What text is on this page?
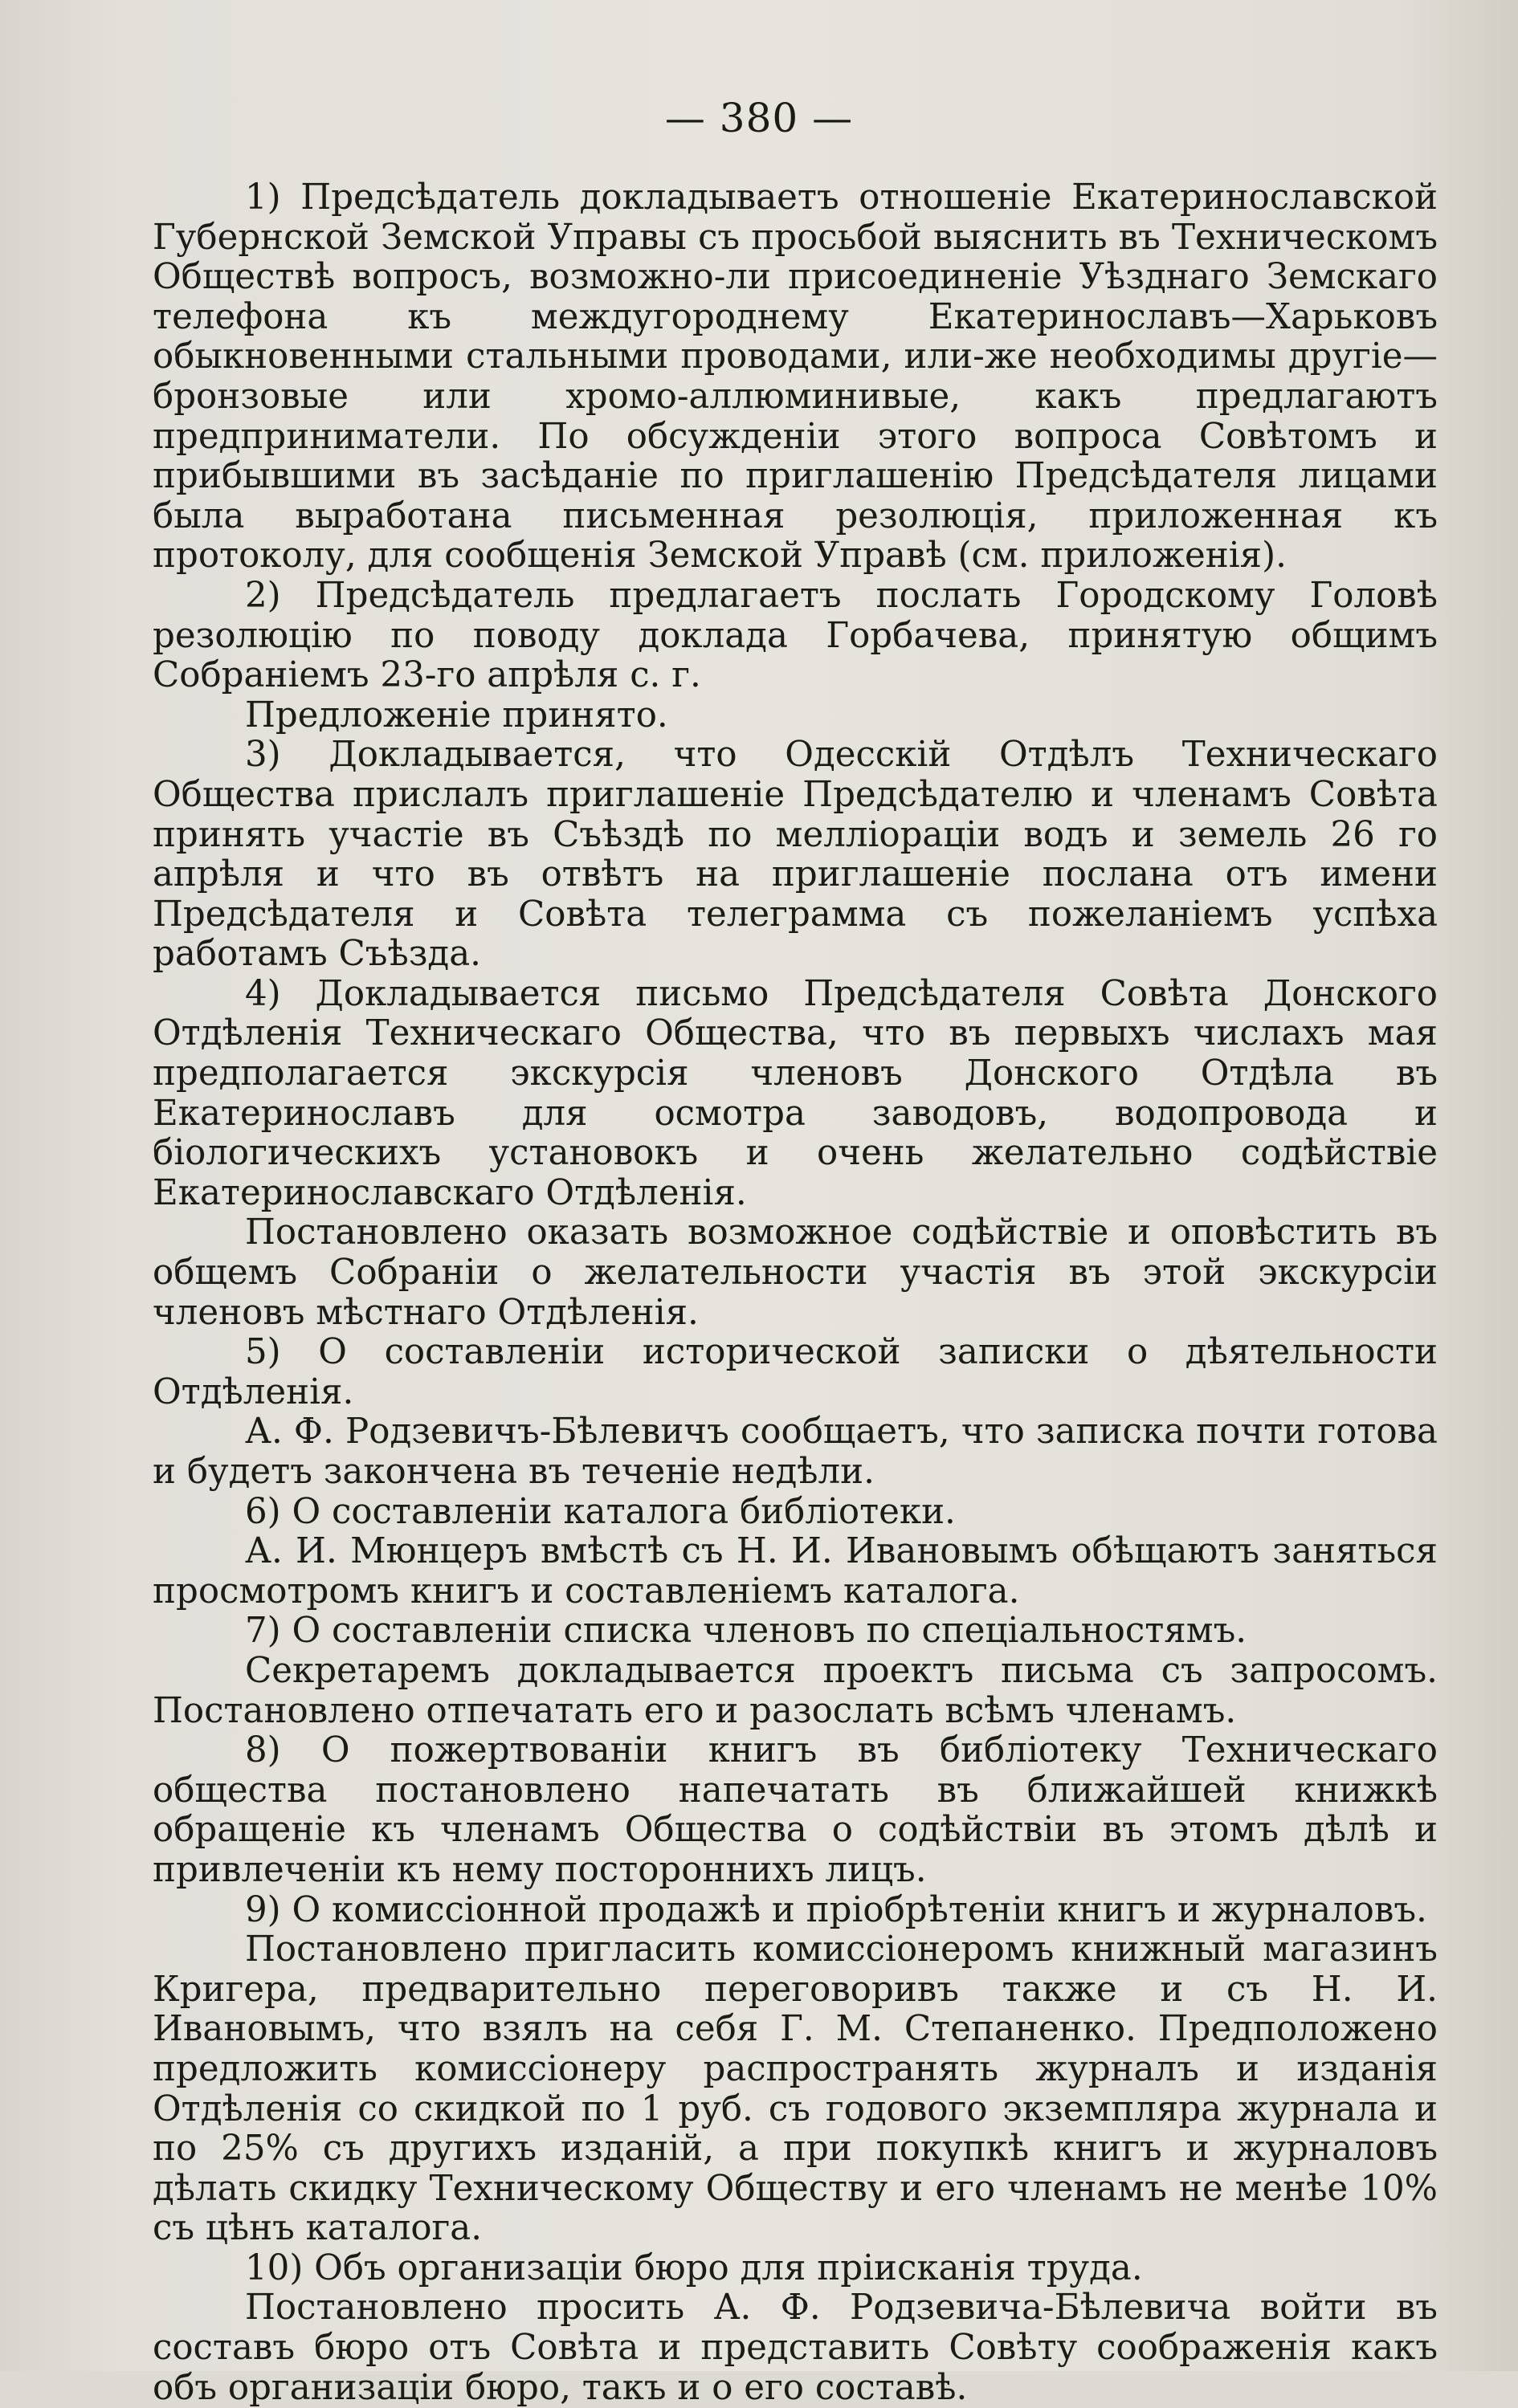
— 380 —

1) Предсѣдатель докладываетъ отношеніе Екатеринославской Губернской Земской Управы съ просьбой выяснить въ Техническомъ Обществѣ вопросъ, возможно-ли присоединеніе Уѣзднаго Земскаго телефона къ междугороднему Екатеринославъ—Харьковъ обыкновенными стальными проводами, или-же необходимы другіе—бронзовые или хромо-аллюминивые, какъ предлагаютъ предприниматели. По обсужденіи этого вопроса Совѣтомъ и прибывшими въ засѣданіе по приглашенію Предсѣдателя лицами была выработана письменная резолюція, приложенная къ протоколу, для сообщенія Земской Управѣ (см. приложенія).

2) Предсѣдатель предлагаетъ послать Городскому Головѣ резолюцію по поводу доклада Горбачева, принятую общимъ Собраніемъ 23-го апрѣля с. г.

Предложеніе принято.

3) Докладывается, что Одесскій Отдѣлъ Техническаго Общества прислалъ приглашеніе Предсѣдателю и членамъ Совѣта принять участіе въ Съѣздѣ по мелліораціи водъ и земель 26 го апрѣля и что въ отвѣтъ на приглашеніе послана отъ имени Предсѣдателя и Совѣта телеграмма съ пожеланіемъ успѣха работамъ Съѣзда.

4) Докладывается письмо Предсѣдателя Совѣта Донского Отдѣленія Техническаго Общества, что въ первыхъ числахъ мая предполагается экскурсія членовъ Донского Отдѣла въ Екатеринославъ для осмотра заводовъ, водопровода и біологическихъ установокъ и очень желательно содѣйствіе Екатеринославскаго Отдѣленія.

Постановлено оказать возможное содѣйствіе и оповѣстить въ общемъ Собраніи о желательности участія въ этой экскурсіи членовъ мѣстнаго Отдѣленія.

5) О составленіи исторической записки о дѣятельности Отдѣленія.

А. Ф. Родзевичъ-Бѣлевичъ сообщаетъ, что записка почти готова и будетъ закончена въ теченіе недѣли.

6) О составленіи каталога библіотеки.

А. И. Мюнцеръ вмѣстѣ съ Н. И. Ивановымъ обѣщаютъ заняться просмотромъ книгъ и составленіемъ каталога.

7) О составленіи списка членовъ по спеціальностямъ.

Секретаремъ докладывается проектъ письма съ запросомъ. Постановлено отпечатать его и разослать всѣмъ членамъ.

8) О пожертвованіи книгъ въ библіотеку Техническаго общества постановлено напечатать въ ближайшей книжкѣ обращеніе къ членамъ Общества о содѣйствіи въ этомъ дѣлѣ и привлеченіи къ нему постороннихъ лицъ.

9) О комиссіонной продажѣ и пріобрѣтеніи книгъ и журналовъ.

Постановлено пригласить комиссіонеромъ книжный магазинъ Кригера, предварительно переговоривъ также и съ Н. И. Ивановымъ, что взялъ на себя Г. М. Степаненко. Предположено предложить комиссіонеру распространять журналъ и изданія Отдѣленія со скидкой по 1 руб. съ годового экземпляра журнала и по 25% съ другихъ изданій, а при покупкѣ книгъ и журналовъ дѣлать скидку Техническому Обществу и его членамъ не менѣе 10% съ цѣнъ каталога.

10) Объ организаціи бюро для пріисканія труда.

Постановлено просить А. Ф. Родзевича-Бѣлевича войти въ составъ бюро отъ Совѣта и представить Совѣту соображенія какъ объ организаціи бюро, такъ и о его составѣ.
